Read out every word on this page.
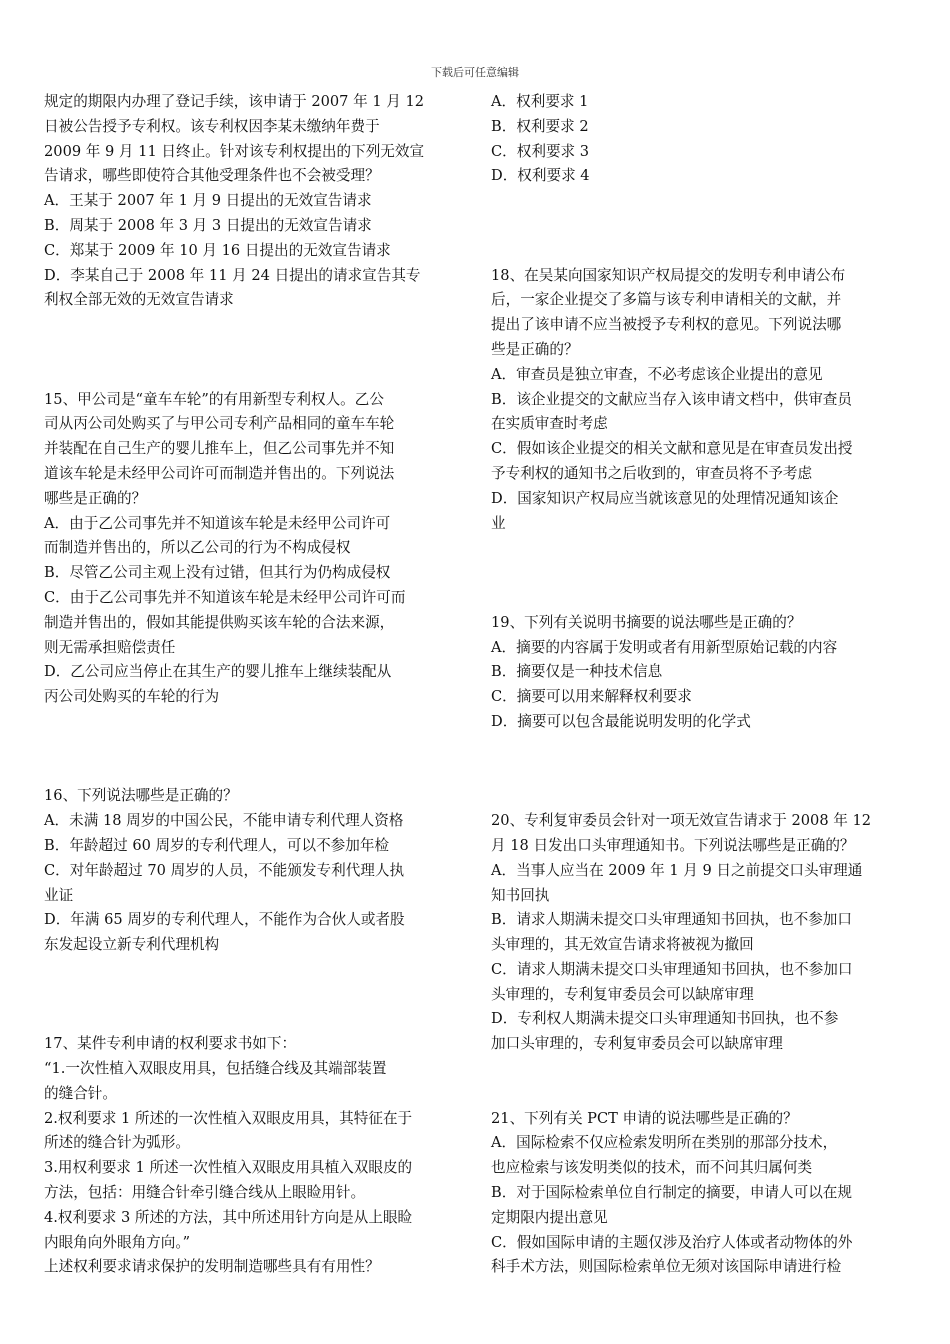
下载后可任意编辑
规定的期限内办理了登记手续，该申请于 2007 年 1 月 12
日被公告授予专利权。该专利权因李某未缴纳年费于
2009 年 9 月 11 日终止。针对该专利权提出的下列无效宣
告请求，哪些即使符合其他受理条件也不会被受理？
A．王某于 2007 年 1 月 9 日提出的无效宣告请求
B．周某于 2008 年 3 月 3 日提出的无效宣告请求
C．郑某于 2009 年 10 月 16 日提出的无效宣告请求
D．李某自己于 2008 年 11 月 24 日提出的请求宣告其专
利权全部无效的无效宣告请求
15、甲公司是“童车车轮”的有用新型专利权人。乙公
司从丙公司处购买了与甲公司专利产品相同的童车车轮
并装配在自己生产的婴儿推车上，但乙公司事先并不知
道该车轮是未经甲公司许可而制造并售出的。下列说法
哪些是正确的？
A．由于乙公司事先并不知道该车轮是未经甲公司许可
而制造并售出的，所以乙公司的行为不构成侵权
B．尽管乙公司主观上没有过错，但其行为仍构成侵权
C．由于乙公司事先并不知道该车轮是未经甲公司许可而
制造并售出的，假如其能提供购买该车轮的合法来源，
则无需承担赔偿责任
D．乙公司应当停止在其生产的婴儿推车上继续装配从
丙公司处购买的车轮的行为
16、下列说法哪些是正确的？
A．未满 18 周岁的中国公民，不能申请专利代理人资格
B．年龄超过 60 周岁的专利代理人，可以不参加年检
C．对年龄超过 70 周岁的人员，不能颁发专利代理人执
业证
D．年满 65 周岁的专利代理人，不能作为合伙人或者股
东发起设立新专利代理机构
17、某件专利申请的权利要求书如下：
“1.一次性植入双眼皮用具，包括缝合线及其端部装置
的缝合针。
2.权利要求 1 所述的一次性植入双眼皮用具，其特征在于
所述的缝合针为弧形。
3.用权利要求 1 所述一次性植入双眼皮用具植入双眼皮的
方法，包括：用缝合针牵引缝合线从上眼睑用针。
4.权利要求 3 所述的方法，其中所述用针方向是从上眼睑
内眼角向外眼角方向。”
上述权利要求请求保护的发明制造哪些具有有用性？
A．权利要求 1
B．权利要求 2
C．权利要求 3
D．权利要求 4
18、在吴某向国家知识产权局提交的发明专利申请公布
后，一家企业提交了多篇与该专利申请相关的文献，并
提出了该申请不应当被授予专利权的意见。下列说法哪
些是正确的？
A．审查员是独立审查，不必考虑该企业提出的意见
B．该企业提交的文献应当存入该申请文档中，供审查员
在实质审查时考虑
C．假如该企业提交的相关文献和意见是在审查员发出授
予专利权的通知书之后收到的，审查员将不予考虑
D．国家知识产权局应当就该意见的处理情况通知该企
业
19、下列有关说明书摘要的说法哪些是正确的？
A．摘要的内容属于发明或者有用新型原始记载的内容
B．摘要仅是一种技术信息
C．摘要可以用来解释权利要求
D．摘要可以包含最能说明发明的化学式
20、专利复审委员会针对一项无效宣告请求于 2008 年 12
月 18 日发出口头审理通知书。下列说法哪些是正确的？
A．当事人应当在 2009 年 1 月 9 日之前提交口头审理通
知书回执
B．请求人期满未提交口头审理通知书回执，也不参加口
头审理的，其无效宣告请求将被视为撤回
C．请求人期满未提交口头审理通知书回执，也不参加口
头审理的，专利复审委员会可以缺席审理
D．专利权人期满未提交口头审理通知书回执，也不参
加口头审理的，专利复审委员会可以缺席审理
21、下列有关 PCT 申请的说法哪些是正确的？
A．国际检索不仅应检索发明所在类别的那部分技术，
也应检索与该发明类似的技术，而不问其归属何类
B．对于国际检索单位自行制定的摘要，申请人可以在规
定期限内提出意见
C．假如国际申请的主题仅涉及治疗人体或者动物体的外
科手术方法，则国际检索单位无须对该国际申请进行检
